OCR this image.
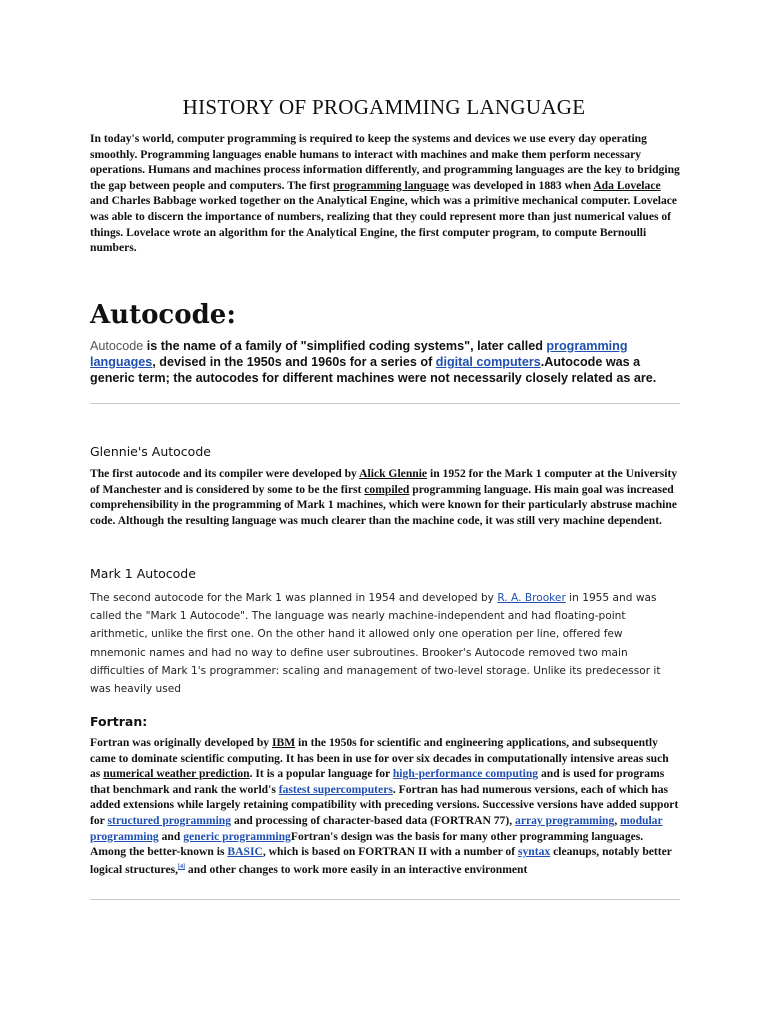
HISTORY OF PROGAMMING LANGUAGE
In today's world, computer programming is required to keep the systems and devices we use every day operating smoothly. Programming languages enable humans to interact with machines and make them perform necessary operations. Humans and machines process information differently, and programming languages are the key to bridging the gap between people and computers. The first programming language was developed in 1883 when Ada Lovelace and Charles Babbage worked together on the Analytical Engine, which was a primitive mechanical computer. Lovelace was able to discern the importance of numbers, realizing that they could represent more than just numerical values of things. Lovelace wrote an algorithm for the Analytical Engine, the first computer program, to compute Bernoulli numbers.
Autocode:
Autocode is the name of a family of "simplified coding systems", later called programming languages, devised in the 1950s and 1960s for a series of digital computers.Autocode was a generic term; the autocodes for different machines were not necessarily closely related as are.
Glennie's Autocode
The first autocode and its compiler were developed by Alick Glennie in 1952 for the Mark 1 computer at the University of Manchester and is considered by some to be the first compiled programming language. His main goal was increased comprehensibility in the programming of Mark 1 machines, which were known for their particularly abstruse machine code. Although the resulting language was much clearer than the machine code, it was still very machine dependent.
Mark 1 Autocode
The second autocode for the Mark 1 was planned in 1954 and developed by R. A. Brooker in 1955 and was called the "Mark 1 Autocode". The language was nearly machine-independent and had floating-point arithmetic, unlike the first one. On the other hand it allowed only one operation per line, offered few mnemonic names and had no way to define user subroutines. Brooker's Autocode removed two main difficulties of Mark 1's programmer: scaling and management of two-level storage. Unlike its predecessor it was heavily used
Fortran:
Fortran was originally developed by IBM in the 1950s for scientific and engineering applications, and subsequently came to dominate scientific computing. It has been in use for over six decades in computationally intensive areas such as numerical weather prediction. It is a popular language for high-performance computing and is used for programs that benchmark and rank the world's fastest supercomputers. Fortran has had numerous versions, each of which has added extensions while largely retaining compatibility with preceding versions. Successive versions have added support for structured programming and processing of character-based data (FORTRAN 77), array programming, modular programming and generic programmingFortran's design was the basis for many other programming languages. Among the better-known is BASIC, which is based on FORTRAN II with a number of syntax cleanups, notably better logical structures,[4] and other changes to work more easily in an interactive environment
